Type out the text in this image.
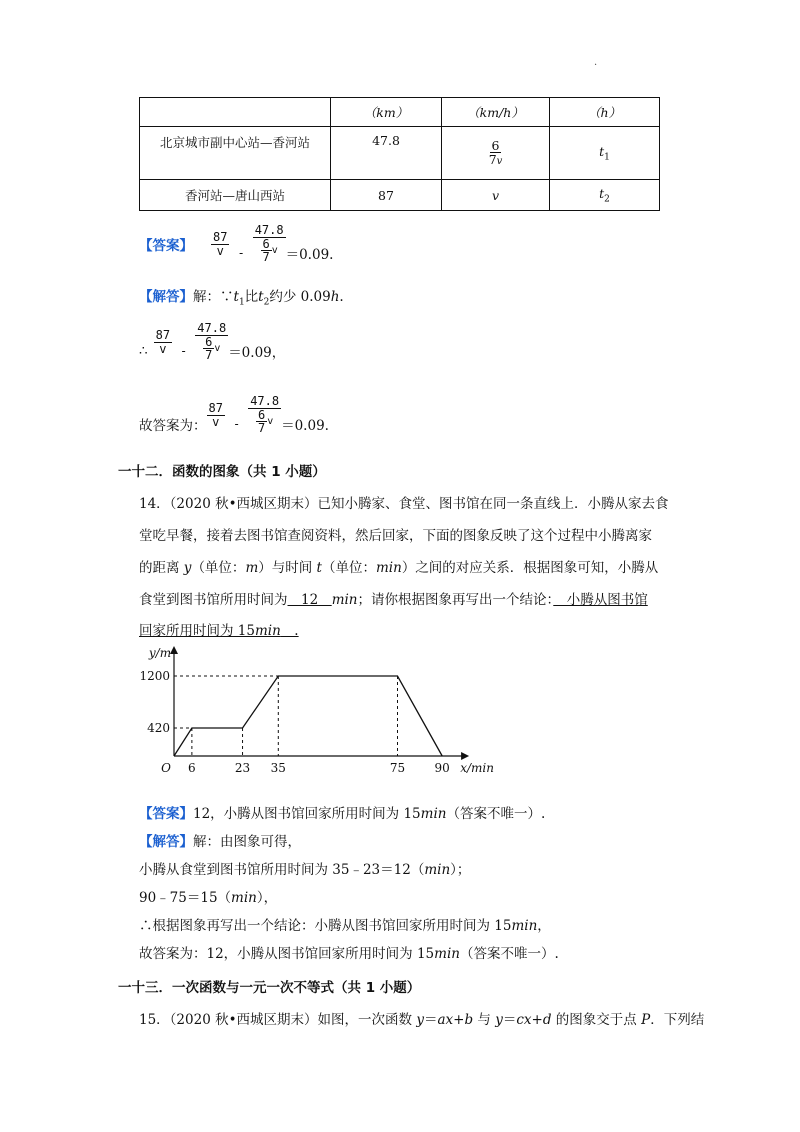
·
	（km）	（km/h）	（h）
北京城市副中心站—香河站	47.8	$\frac{6}{7v}$	$t_1$
香河站—唐山西站	87	v	$t_2$
【答案】 $\frac{87}{v} - \frac{47.8}{\frac{6}{7} v} =0.09$.
【解答】解：$\because t_1$比$t_2$约少 0.09h.
∴ $\frac{87}{v} - \frac{47.8}{\frac{6}{7} v} =0.09$，
故答案为： $\frac{87}{v} - \frac{47.8}{\frac{6}{7} v} =0.09$.
一十二．函数的图象（共 1 小题）
14．（2020 秋•西城区期末）已知小腾家、食堂、图书馆在同一条直线上．小腾从家去食
堂吃早餐，接着去图书馆查阅资料，然后回家，下面的图象反映了这个过程中小腾离家
的距离 y（单位：m）与时间 t（单位：min）之间的对应关系．根据图象可知，小腾从
食堂到图书馆所用时间为　12　min；请你根据图象再写出一个结论：　小腾从图书馆
回家所用时间为 15min　.
y/m
x/min
O
420
1200
6	23 35	75 90
【答案】12，小腾从图书馆回家所用时间为 15min（答案不唯一）.
【解答】解：由图象可得，
小腾从食堂到图书馆所用时间为 35﹣23＝12（min）；
90﹣75＝15（min），
∴根据图象再写出一个结论：小腾从图书馆回家所用时间为 15min，
故答案为：12，小腾从图书馆回家所用时间为 15min（答案不唯一）.
一十三．一次函数与一元一次不等式（共 1 小题）
15．（2020 秋•西城区期末）如图，一次函数 y＝ax+b 与 y＝cx+d 的图象交于点 P．下列结
